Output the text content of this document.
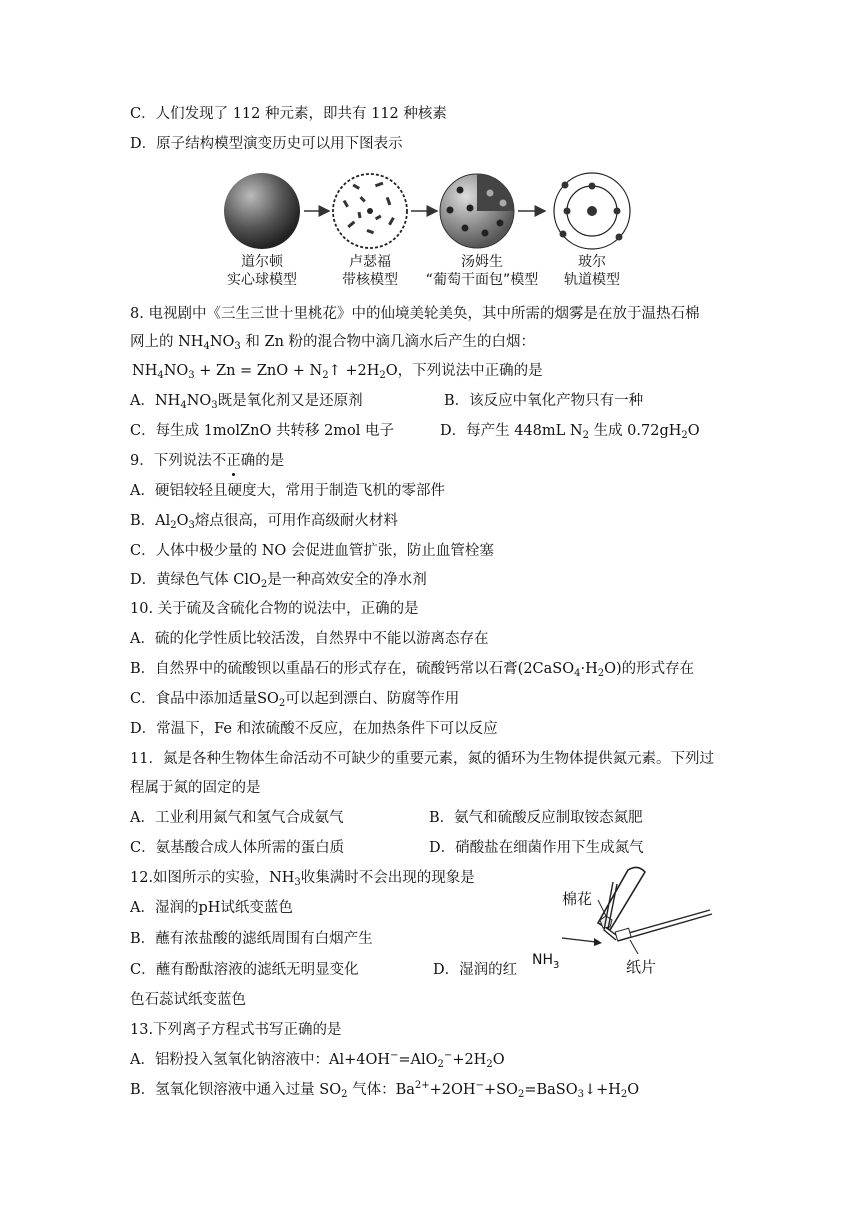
C．人们发现了 112 种元素，即共有 112 种核素
D．原子结构模型演变历史可以用下图表示
道尔顿
实心球模型
卢瑟福
带核模型
汤姆生
“葡萄干面包”模型
玻尔
轨道模型
8. 电视剧中《三生三世十里桃花》中的仙境美轮美奂，其中所需的烟雾是在放于温热石棉
网上的 $NH_4NO_3$ 和 Zn 粉的混合物中滴几滴水后产生的白烟：
$NH_4NO_3 + Zn$ = ZnO + $N_2↑ +2H_2O$，下列说法中正确的是
A．$NH_4NO_3$既是氧化剂又是还原剂	B．该反应中氧化产物只有一种
C．每生成 1molZnO 共转移 2mol 电子	D．每产生 448mL $N_2$ 生成 $0.72gH_2O$
9．下列说法不正确的是
A．硬铝较轻且硬度大，常用于制造飞机的零部件
B．$Al_2O_3$熔点很高，可用作高级耐火材料
C．人体中极少量的 NO 会促进血管扩张，防止血管栓塞
D．黄绿色气体 ClO$_2$是一种高效安全的净水剂
10. 关于硫及含硫化合物的说法中，正确的是
A．硫的化学性质比较活泼，自然界中不能以游离态存在
B．自然界中的硫酸钡以重晶石的形式存在，硫酸钙常以石膏$(2CaSO_4\cdot H_2O)$的形式存在
C．食品中添加适量$SO_2$可以起到漂白、防腐等作用
D．常温下，Fe 和浓硫酸不反应，在加热条件下可以反应
11．氮是各种生物体生命活动不可缺少的重要元素，氮的循环为生物体提供氮元素。下列过
程属于氮的固定的是
A．工业利用氮气和氢气合成氨气	B．氨气和硫酸反应制取铵态氮肥
C．氨基酸合成人体所需的蛋白质	D．硝酸盐在细菌作用下生成氮气
12.如图所示的实验，$NH_3$收集满时不会出现的现象是
A．湿润的pH试纸变蓝色
B．蘸有浓盐酸的滤纸周围有白烟产生
C．蘸有酚酞溶液的滤纸无明显变化	D．湿润的红
色石蕊试纸变蓝色
棉花
纸片
$NH_3$
13.下列离子方程式书写正确的是
A．铝粉投入氢氧化钠溶液中：$Al+4OH^-=AlO_2^-+2H_2O$
B．氢氧化钡溶液中通入过量 $SO_2$ 气体：$Ba^{2+}+2OH^-+SO_2=BaSO_3↓+H_2O$
